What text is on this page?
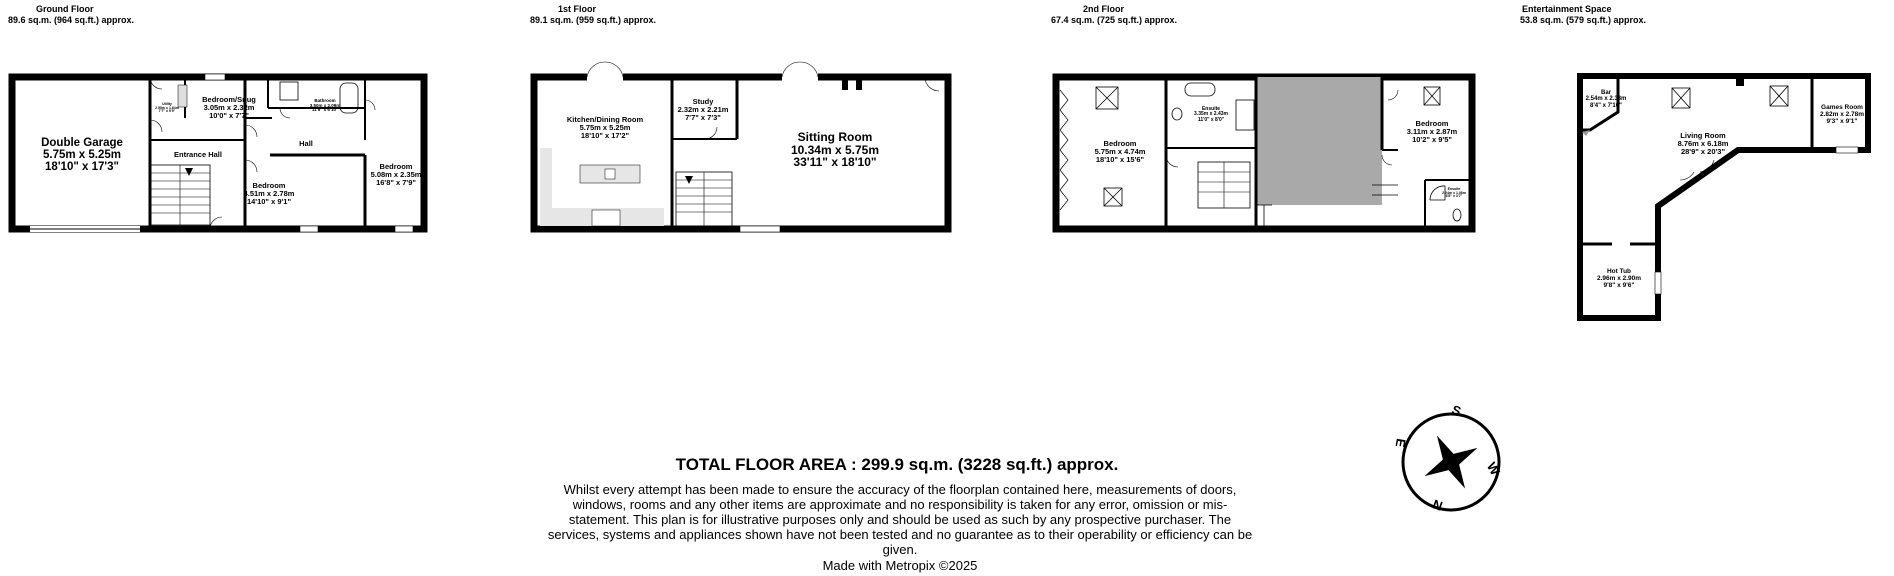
Ground Floor
89.6 sq.m. (964 sq.ft.) approx.
1st Floor
89.1 sq.m. (959 sq.ft.) approx.
2nd Floor
67.4 sq.m. (725 sq.ft.) approx.
Entertainment Space
53.8 sq.m. (579 sq.ft.) approx.
S
W
N
E
Double Garage
5.75m x 5.25m
18'10" x 17'3"
Utility
2.55m x 1.64m
7'7" x 5'9"
Bedroom/Snug
3.05m x 2.32m
10'0" x 7'7"
Bathroom
3.50m x 2.09m
11'6" x 6'10"
Entrance Hall
Hall
Bedroom
4.51m x 2.78m
14'10" x 9'1"
Bedroom
5.08m x 2.35m
16'8" x 7'9"
Kitchen/Dining Room
5.75m x 5.25m
18'10" x 17'2"
Study
2.32m x 2.21m
7'7" x 7'3"
Sitting Room
10.34m x 5.75m
33'11" x 18'10"
Bedroom
5.75m x 4.74m
18'10" x 15'6"
Ensuite
3.35m x 2.43m
11'0" x 8'0"	Bedroom
3.11m x 2.87m
10'2" x 9'5"
Ensuite
2.04m x 1.08m
6'8" x 3'7"
Bar
2.54m x 2.38m
8'4" x 7'10"
Living Room
8.76m x 6.18m
28'9" x 20'3"
Games Room
2.82m x 2.78m
9'3" x 9'1"
Hot Tub
2.96m x 2.90m
9'8" x 9'6"
TOTAL FLOOR AREA : 299.9 sq.m. (3228 sq.ft.) approx.
Whilst every attempt has been made to ensure the accuracy of the floorplan contained here, measurements of doors, windows, rooms and any other items are approximate and no responsibility is taken for any error, omission or mis-statement. This plan is for illustrative purposes only and should be used as such by any prospective purchaser. The services, systems and appliances shown have not been tested and no guarantee as to their operability or efficiency can be given.
Made with Metropix ©2025
